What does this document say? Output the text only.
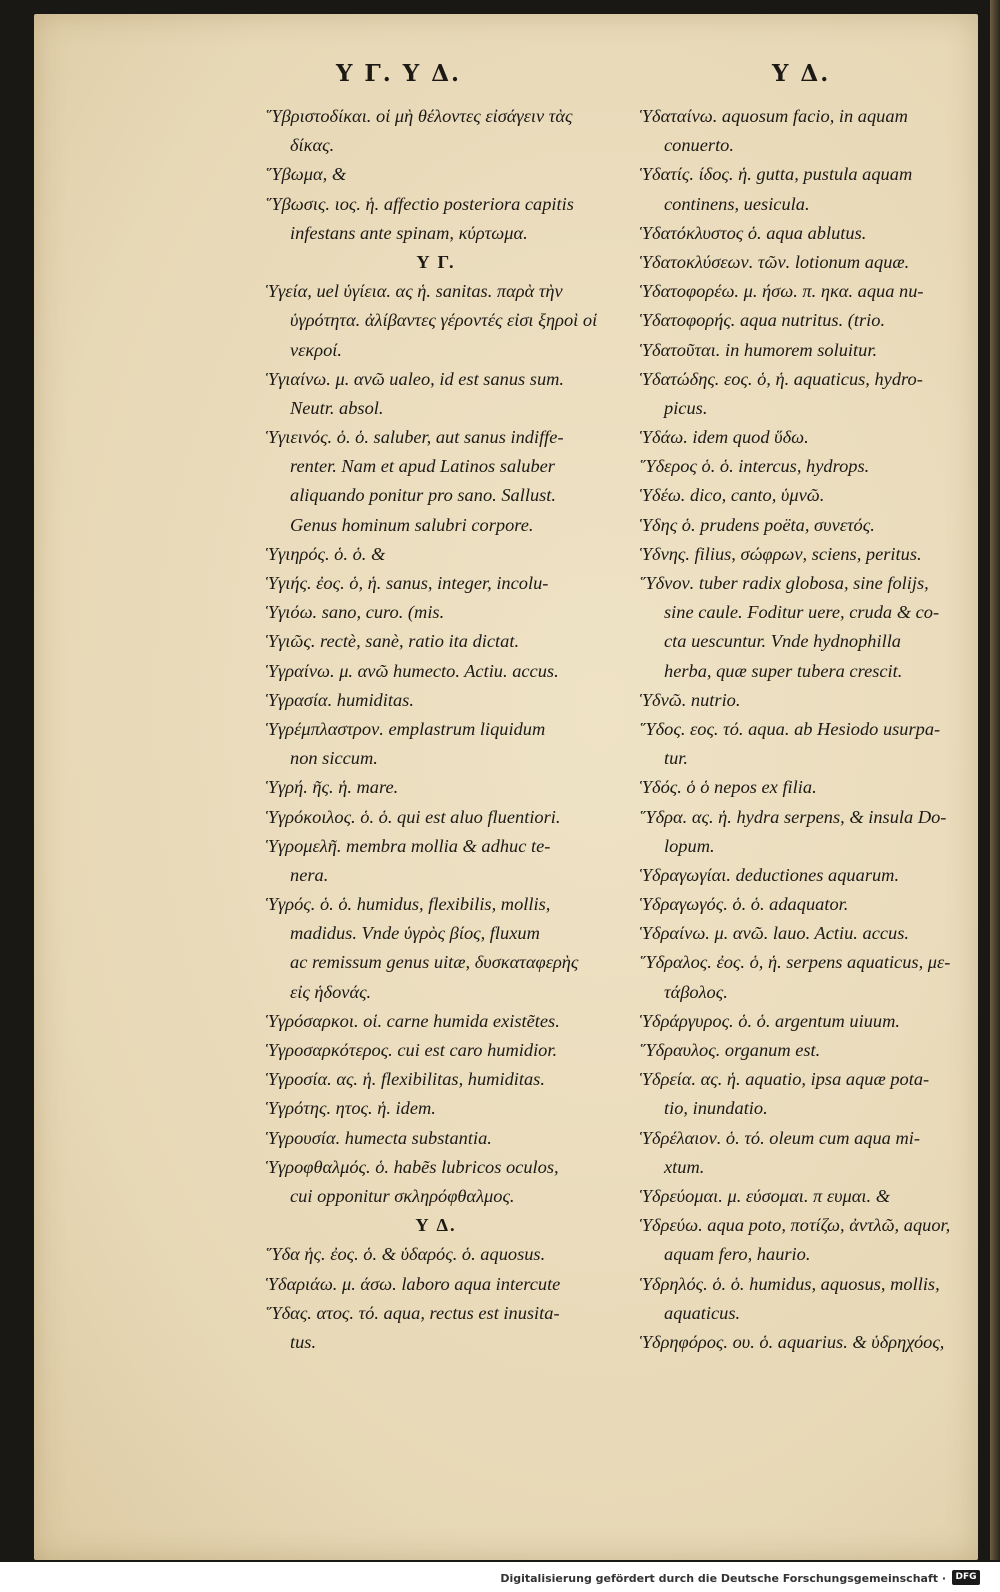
Y Γ. Y Δ.	Y Δ.
Ὕβριστοδίκαι. οἱ μὴ θέλοντες εἰσάγειν τὰς
δίκας.
Ὕβωμα, &
Ὕβωσις. ιος. ἡ. affectio posteriora capitis
infestans ante spinam, κύρτωμα.
Y Γ.
Ὑγεία, uel ὑγίεια. ας ἡ. sanitas. παρὰ τὴν
ὑγρότητα. ἀλίβαντες γέροντές εἰσι ξηροὶ οἱ
νεκροί.
Ὑγιαίνω. μ. ανῶ ualeo, id est sanus sum.
Neutr. absol.
Ὑγιεινός. ὁ. ὁ. saluber, aut sanus indiffe-
renter. Nam et apud Latinos saluber
aliquando ponitur pro sano. Sallust.
Genus hominum salubri corpore.
Ὑγιηρός. ὁ. ὁ. &
Ὑγιής. ἐος. ὁ, ἡ. sanus, integer, incolu-
Ὑγιόω. sano, curo. (mis.
Ὑγιῶς. rectè, sanè, ratio ita dictat.
Ὑγραίνω. μ. ανῶ humecto. Actiu. accus.
Ὑγρασία. humiditas.
Ὑγρέμπλαστρον. emplastrum liquidum
non siccum.
Ὑγρή. ῆς. ἡ. mare.
Ὑγρόκοιλος. ὁ. ὁ. qui est aluo fluentiori.
Ὑγρομελῆ. membra mollia & adhuc te-
nera.
Ὑγρός. ὁ. ὁ. humidus, flexibilis, mollis,
madidus. Vnde ὑγρὸς βίος, fluxum
ac remissum genus uitæ, δυσκαταφερὴς
εἰς ἡδονάς.
Ὑγρόσαρκοι. οἱ. carne humida existẽtes.
Ὑγροσαρκότερος. cui est caro humidior.
Ὑγροσία. ας. ἡ. flexibilitas, humiditas.
Ὑγρότης. ητος. ἡ. idem.
Ὑγρουσία. humecta substantia.
Ὑγροφθαλμός. ὁ. habẽs lubricos oculos,
cui opponitur σκληρόφθαλμος.
Y Δ.
Ὕδα ἡς. ἐος. ὁ. & ὑδαρός. ὁ. aquosus.
Ὑδαριάω. μ. άσω. laboro aqua intercute
Ὕδας. ατος. τό. aqua, rectus est inusita-
tus.
Ὑδαταίνω. aquosum facio, in aquam
conuerto.
Ὑδατίς. ίδος. ἡ. gutta, pustula aquam
continens, uesicula.
Ὑδατόκλυστος ὁ. aqua ablutus.
Ὑδατοκλύσεων. τῶν. lotionum aquæ.
Ὑδατοφορέω. μ. ήσω. π. ηκα. aqua nu-
Ὑδατοφορής. aqua nutritus. (trio.
Ὑδατοῦται. in humorem soluitur.
Ὑδατώδης. εος. ὁ, ἡ. aquaticus, hydro-
picus.
Ὑδάω. idem quod ὕδω.
Ὕδερος ὁ. ὁ. intercus, hydrops.
Ὑδέω. dico, canto, ὑμνῶ.
Ὑδης ὁ. prudens poëta, συνετός.
Ὑδνης. filius, σώφρων, sciens, peritus.
Ὕδνον. tuber radix globosa, sine folijs,
sine caule. Foditur uere, cruda & co-
cta uescuntur. Vnde hydnophilla
herba, quæ super tubera crescit.
Ὑδνῶ. nutrio.
Ὕδος. εος. τό. aqua. ab Hesiodo usurpa-
tur.
Ὑδός. ὁ ὁ nepos ex filia.
Ὕδρα. ας. ἡ. hydra serpens, & insula Do-
lopum.
Ὑδραγωγίαι. deductiones aquarum.
Ὑδραγωγός. ὁ. ὁ. adaquator.
Ὑδραίνω. μ. ανῶ. lauo. Actiu. accus.
Ὕδραλος. ἐος. ὁ, ἡ. serpens aquaticus, με-
τάβολος.
Ὑδράργυρος. ὁ. ὁ. argentum uiuum.
Ὕδραυλος. organum est.
Ὑδρεία. ας. ἡ. aquatio, ipsa aquæ pota-
tio, inundatio.
Ὑδρέλαιον. ὁ. τό. oleum cum aqua mi-
xtum.
Ὑδρεύομαι. μ. εύσομαι. π ευμαι. &
Ὑδρεύω. aqua poto, ποτίζω, ἀντλῶ, aquor,
aquam fero, haurio.
Ὑδρηλός. ὁ. ὁ. humidus, aquosus, mollis,
aquaticus.
Ὑδρηφόρος. ου. ὁ. aquarius. & ὑδρηχόος,
Digitalisierung gefördert durch die Deutsche Forschungsgemeinschaft ·	DFG
